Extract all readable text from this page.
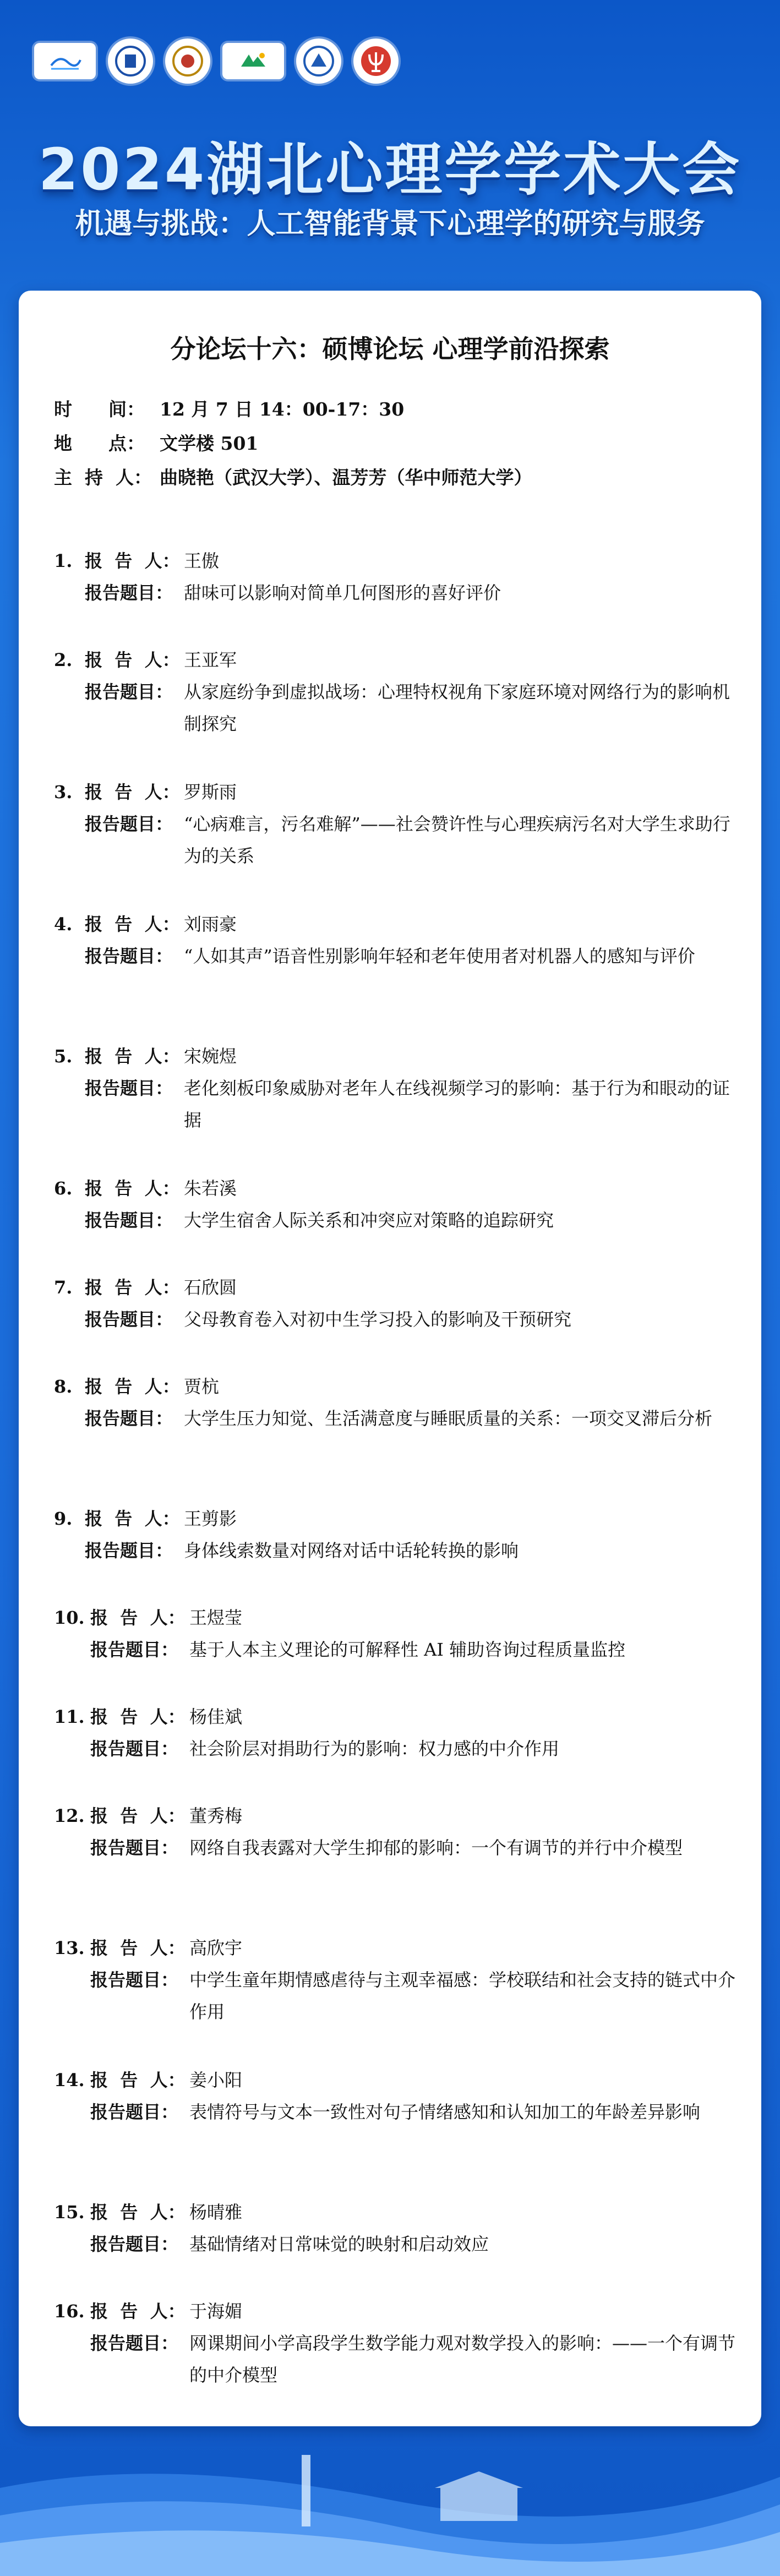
2024湖北心理学学术大会
机遇与挑战：人工智能背景下心理学的研究与服务
分论坛十六：硕博论坛 心理学前沿探索
时　　间： 12 月 7 日 14：00-17：30
地　　点： 文学楼 501
主  持  人： 曲晓艳（武汉大学）、温芳芳（华中师范大学）
1. 报  告  人： 王傲
报告题目： 甜味可以影响对简单几何图形的喜好评价
2. 报  告  人： 王亚军
报告题目： 从家庭纷争到虚拟战场：心理特权视角下家庭环境对网络行为的影响机制探究
3. 报  告  人： 罗斯雨
报告题目： “心病难言，污名难解”——社会赞许性与心理疾病污名对大学生求助行为的关系
4. 报  告  人： 刘雨豪
报告题目： “人如其声”语音性别影响年轻和老年使用者对机器人的感知与评价
5. 报  告  人： 宋婉煜
报告题目： 老化刻板印象威胁对老年人在线视频学习的影响：基于行为和眼动的证据
6. 报  告  人： 朱若溪
报告题目： 大学生宿舍人际关系和冲突应对策略的追踪研究
7. 报  告  人： 石欣圆
报告题目： 父母教育卷入对初中生学习投入的影响及干预研究
8. 报  告  人： 贾杭
报告题目： 大学生压力知觉、生活满意度与睡眠质量的关系：一项交叉滞后分析
9. 报  告  人： 王剪影
报告题目： 身体线索数量对网络对话中话轮转换的影响
10. 报  告  人： 王煜莹
报告题目： 基于人本主义理论的可解释性 AI 辅助咨询过程质量监控
11. 报  告  人： 杨佳斌
报告题目： 社会阶层对捐助行为的影响：权力感的中介作用
12. 报  告  人： 董秀梅
报告题目： 网络自我表露对大学生抑郁的影响：一个有调节的并行中介模型
13. 报  告  人： 高欣宇
报告题目： 中学生童年期情感虐待与主观幸福感：学校联结和社会支持的链式中介作用
14. 报  告  人： 姜小阳
报告题目： 表情符号与文本一致性对句子情绪感知和认知加工的年龄差异影响
15. 报  告  人： 杨晴雅
报告题目： 基础情绪对日常味觉的映射和启动效应
16. 报  告  人： 于海媚
报告题目： 网课期间小学高段学生数学能力观对数学投入的影响：——一个有调节的中介模型
